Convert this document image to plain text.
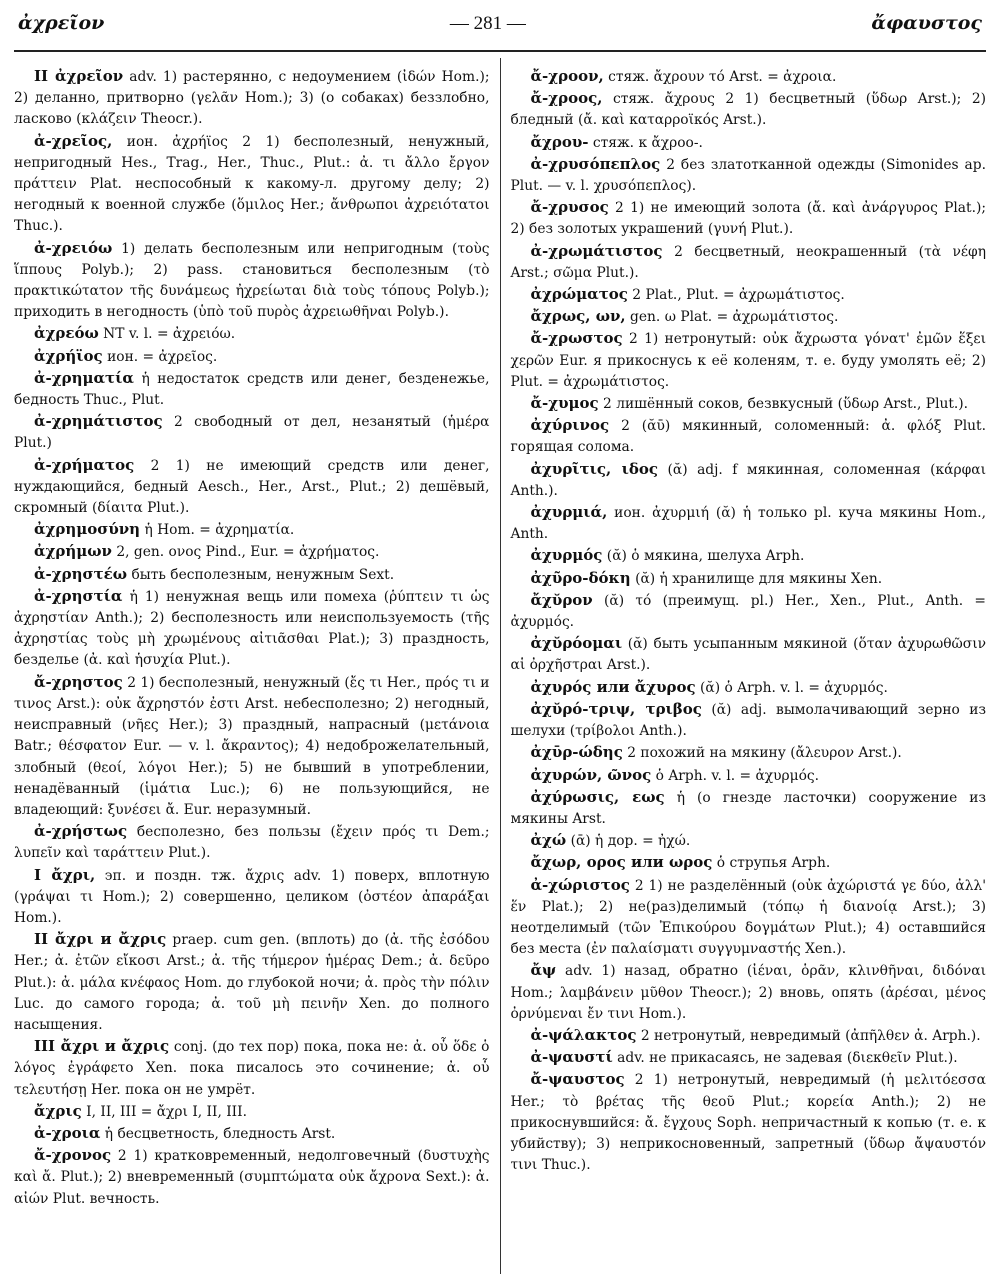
ἀχρεῖον	— 281 —	ἄφαυστος

II ἀχρεῖον adv. 1) растерянно, с недоумением (ἰδών Hom.); 2) деланно, притворно (γελᾶν Hom.); 3) (о собаках) беззлобно, ласково (κλάζειν Theocr.).

ἀ-χρεῖος, ион. ἀχρήϊος 2 1) бесполезный, ненужный, непригодный Hes., Trag., Her., Thuc., Plut.: ἀ. τι ἄλλο ἔργον πράττειν Plat. неспособный к какому-л. другому делу; 2) негодный к военной службе (ὅμιλος Her.; ἄνθρωποι ἀχρειότατοι Thuc.).

ἀ-χρειόω 1) делать бесполезным или непригодным (τοὺς ἵππους Polyb.); 2) pass. становиться бесполезным (τὸ πρακτικώτατον τῆς δυνάμεως ἠχρείωται διὰ τοὺς τόπους Polyb.); приходить в негодность (ὑπὸ τοῦ πυρὸς ἀχρειωθῆναι Polyb.).

ἀχρεόω NT v. l. = ἀχρειόω.

ἀχρήϊος ион. = ἀχρεῖος.

ἀ-χρηματία ἡ недостаток средств или денег, безденежье, бедность Thuc., Plut.

ἀ-χρημάτιστος 2 свободный от дел, незанятый (ἡμέρα Plut.)

ἀ-χρήματος 2 1) не имеющий средств или денег, нуждающийся, бедный Aesch., Her., Arst., Plut.; 2) дешёвый, скромный (δίαιτα Plut.).

ἀχρημοσύνη ἡ Hom. = ἀχρηματία.

ἀχρήμων 2, gen. ονος Pind., Eur. = ἀχρήματος.

ἀ-χρηστέω быть бесполезным, ненужным Sext.

ἀ-χρηστία ἡ 1) ненужная вещь или помеха (ῥύπτειν τι ὡς ἀχρηστίαν Anth.); 2) бесполезность или неиспользуемость (τῆς ἀχρηστίας τοὺς μὴ χρωμένους αἰτιᾶσθαι Plat.); 3) праздность, безделье (ἀ. καὶ ἡσυχία Plut.).

ἄ-χρηστος 2 1) бесполезный, ненужный (ἔς τι Her., πρός τι и τινος Arst.): οὐκ ἄχρηστόν ἐστι Arst. небесполезно; 2) негодный, неисправный (νῆες Her.); 3) праздный, напрасный (μετάνοια Batr.; θέσφατον Eur. — v. l. ἄκραντος); 4) недоброжелательный, злобный (θεοί, λόγοι Her.); 5) не бывший в употреблении, ненадёванный (ἱμάτια Luc.); 6) не пользующийся, не владеющий: ξυνέσει ἄ. Eur. неразумный.

ἀ-χρήστως бесполезно, без пользы (ἔχειν πρός τι Dem.; λυπεῖν καὶ ταράττειν Plut.).

I ἄχρι, эп. и поздн. тж. ἄχρις adv. 1) поверх, вплотную (γράψαι τι Hom.); 2) совершенно, целиком (ὀστέον ἀπαράξαι Hom.).

II ἄχρι и ἄχρις praep. cum gen. (вплоть) до (ἀ. τῆς ἐσόδου Her.; ἀ. ἐτῶν εἴκοσι Arst.; ἀ. τῆς τήμερον ἡμέρας Dem.; ἀ. δεῦρο Plut.): ἀ. μάλα κνέφαος Hom. до глубокой ночи; ἀ. πρὸς τὴν πόλιν Luc. до самого города; ἀ. τοῦ μὴ πεινῆν Xen. до полного насыщения.

III ἄχρι и ἄχρις conj. (до тех пор) пока, пока не: ἀ. οὗ ὅδε ὁ λόγος ἐγράφετο Xen. пока писалось это сочинение; ἀ. οὗ τελευτήσῃ Her. пока он не умрёт.

ἄχρις I, II, III = ἄχρι I, II, III.

ἀ-χροια ἡ бесцветность, бледность Arst.

ἄ-χρονος 2 1) кратковременный, недолговечный (δυστυχὴς καὶ ἄ. Plut.); 2) вневременный (συμπτώματα οὐκ ἄχρονα Sext.): ἀ. αἰών Plut. вечность.

ἄ-χροον, стяж. ἄχρουν τό Arst. = ἀχροια.

ἄ-χροος, стяж. ἄχρους 2 1) бесцветный (ὕδωρ Arst.); 2) бледный (ἄ. καὶ καταρροϊκός Arst.).

ἄχρου- стяж. к ἄχροο-.

ἀ-χρυσόπεπλος 2 без златотканной одежды (Simonides ap. Plut. — v. l. χρυσόπεπλος).

ἄ-χρυσος 2 1) не имеющий золота (ἄ. καὶ ἀνάργυρος Plat.); 2) без золотых украшений (γυνή Plut.).

ἀ-χρωμάτιστος 2 бесцветный, неокрашенный (τὰ νέφη Arst.; σῶμα Plut.).

ἀχρώματος 2 Plat., Plut. = ἀχρωμάτιστος.

ἄχρως, ων, gen. ω Plat. = ἀχρωμάτιστος.

ἄ-χρωστος 2 1) нетронутый: οὐκ ἄχρωστα γόνατ' ἐμῶν ἕξει χερῶν Eur. я прикоснусь к её коленям, т. е. буду умолять её; 2) Plut. = ἀχρωμάτιστος.

ἄ-χυμος 2 лишённый соков, безвкусный (ὕδωρ Arst., Plut.).

ἀχύρινος 2 (ᾰῡ) мякинный, соломенный: ἀ. φλόξ Plut. горящая солома.

ἀχυρῖτις, ιδος (ᾰ) adj. f мякинная, соломенная (κάρφαι Anth.).

ἀχυρμιά, ион. ἀχυρμιή (ᾰ) ἡ только pl. куча мякины Hom., Anth.

ἀχυρμός (ᾰ) ὁ мякина, шелуха Arph.

ἀχῦρο-δόκη (ᾰ) ἡ хранилище для мякины Xen.

ἄχῠρον (ᾰ) τό (преимущ. pl.) Her., Xen., Plut., Anth. = ἀχυρμός.

ἀχῠρόομαι (ᾰ) быть усыпанным мякиной (ὅταν ἀχυρωθῶσιν αἱ ὀρχῆστραι Arst.).

ἀχυρός или ἄχυρος (ᾰ) ὁ Arph. v. l. = ἀχυρμός.

ἀχῠρό-τριψ, τριβος (ᾰ) adj. вымолачивающий зерно из шелухи (τρίβολοι Anth.).

ἀχῡρ-ώδης 2 похожий на мякину (ἄλευρον Arst.).

ἀχυρών, ῶνος ὁ Arph. v. l. = ἀχυρμός.

ἀχύρωσις, εως ἡ (о гнезде ласточки) сооружение из мякины Arst.

ἀχώ (ᾱ) ἡ дор. = ἠχώ.

ἄχωρ, ορος или ωρος ὁ струпья Arph.

ἀ-χώριστος 2 1) не разделённый (οὐκ ἀχώριστά γε δύο, ἀλλ' ἕν Plat.); 2) не(раз)делимый (τόπῳ ἡ διανοίᾳ Arst.); 3) неотделимый (τῶν Ἐπικούρου δογμάτων Plut.); 4) оставшийся без места (ἐν παλαίσματι συγγυμναστής Xen.).

ἄψ adv. 1) назад, обратно (ἰέναι, ὁρᾶν, κλινθῆναι, διδόναι Hom.; λαμβάνειν μῦθον Theocr.); 2) вновь, опять (ἀρέσαι, μένος ὀρνύμεναι ἔν τινι Hom.).

ἀ-ψάλακτος 2 нетронутый, невредимый (ἀπῆλθεν ἀ. Arph.).

ἀ-ψαυστί adv. не прикасаясь, не задевая (διεκθεῖν Plut.).

ἄ-ψαυστος 2 1) нетронутый, невредимый (ἡ μελιτόεσσα Her.; τὸ βρέτας τῆς θεοῦ Plut.; κορεία Anth.); 2) не прикоснувшийся: ἄ. ἔγχους Soph. непричастный к копью (т. е. к убийству); 3) неприкосновенный, запретный (ὕδωρ ἄψαυστόν τινι Thuc.).
